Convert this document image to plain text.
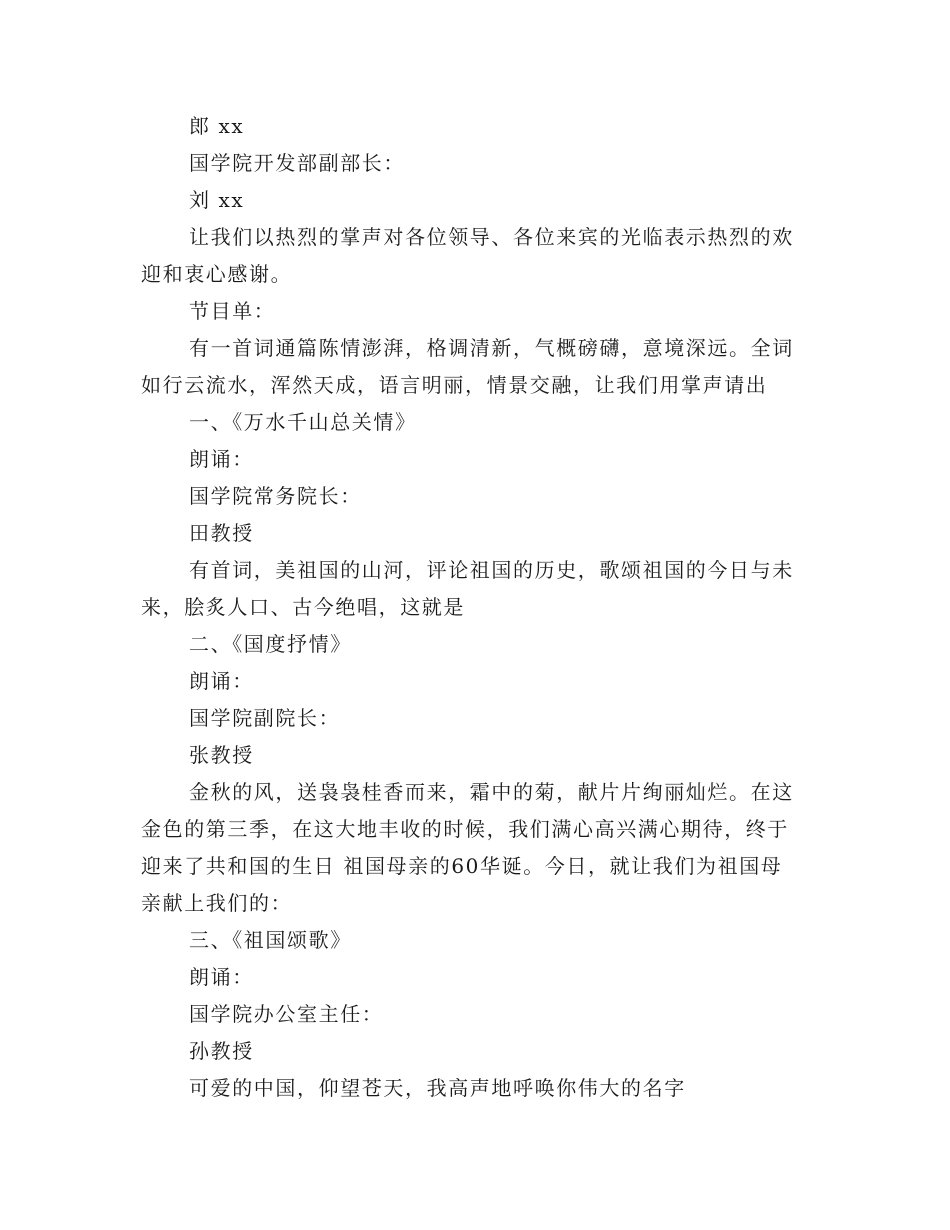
郎 xx

国学院开发部副部长：

刘 xx

让我们以热烈的掌声对各位领导、各位来宾的光临表示热烈的欢迎和衷心感谢。

节目单：

有一首词通篇陈情澎湃，格调清新，气概磅礴，意境深远。全词如行云流水，浑然天成，语言明丽，情景交融，让我们用掌声请出

一、《万水千山总关情》

朗诵：

国学院常务院长：

田教授

有首词，美祖国的山河，评论祖国的历史，歌颂祖国的今日与未来，脍炙人口、古今绝唱，这就是

二、《国度抒情》

朗诵：

国学院副院长：

张教授

金秋的风，送袅袅桂香而来，霜中的菊，献片片绚丽灿烂。在这金色的第三季，在这大地丰收的时候，我们满心高兴满心期待，终于迎来了共和国的生日 祖国母亲的60华诞。今日，就让我们为祖国母亲献上我们的：

三、《祖国颂歌》

朗诵：

国学院办公室主任：

孙教授

可爱的中国，仰望苍天，我高声地呼唤你伟大的名字
